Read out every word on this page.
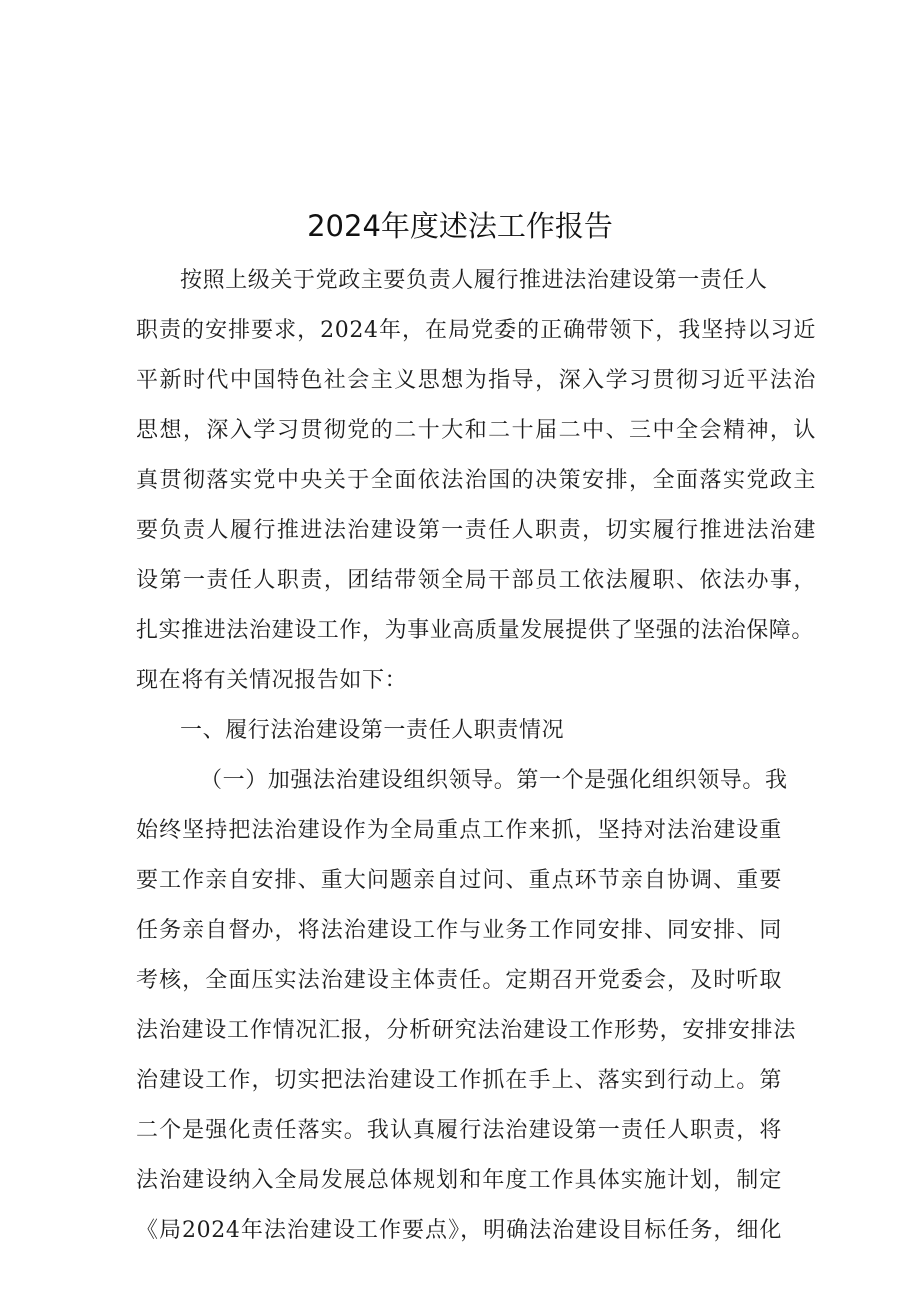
2024年度述法工作报告
按照上级关于党政主要负责人履行推进法治建设第一责任人
职责的安排要求，2024年，在局党委的正确带领下，我坚持以习近
平新时代中国特色社会主义思想为指导，深入学习贯彻习近平法治
思想，深入学习贯彻党的二十大和二十届二中、三中全会精神，认
真贯彻落实党中央关于全面依法治国的决策安排，全面落实党政主
要负责人履行推进法治建设第一责任人职责，切实履行推进法治建
设第一责任人职责，团结带领全局干部员工依法履职、依法办事，
扎实推进法治建设工作，为事业高质量发展提供了坚强的法治保障。
现在将有关情况报告如下：
一、履行法治建设第一责任人职责情况
（一）加强法治建设组织领导。第一个是强化组织领导。我
始终坚持把法治建设作为全局重点工作来抓，坚持对法治建设重
要工作亲自安排、重大问题亲自过问、重点环节亲自协调、重要
任务亲自督办，将法治建设工作与业务工作同安排、同安排、同
考核，全面压实法治建设主体责任。定期召开党委会，及时听取
法治建设工作情况汇报，分析研究法治建设工作形势，安排安排法
治建设工作，切实把法治建设工作抓在手上、落实到行动上。第
二个是强化责任落实。我认真履行法治建设第一责任人职责，将
法治建设纳入全局发展总体规划和年度工作具体实施计划，制定
《局2024年法治建设工作要点》，明确法治建设目标任务，细化
